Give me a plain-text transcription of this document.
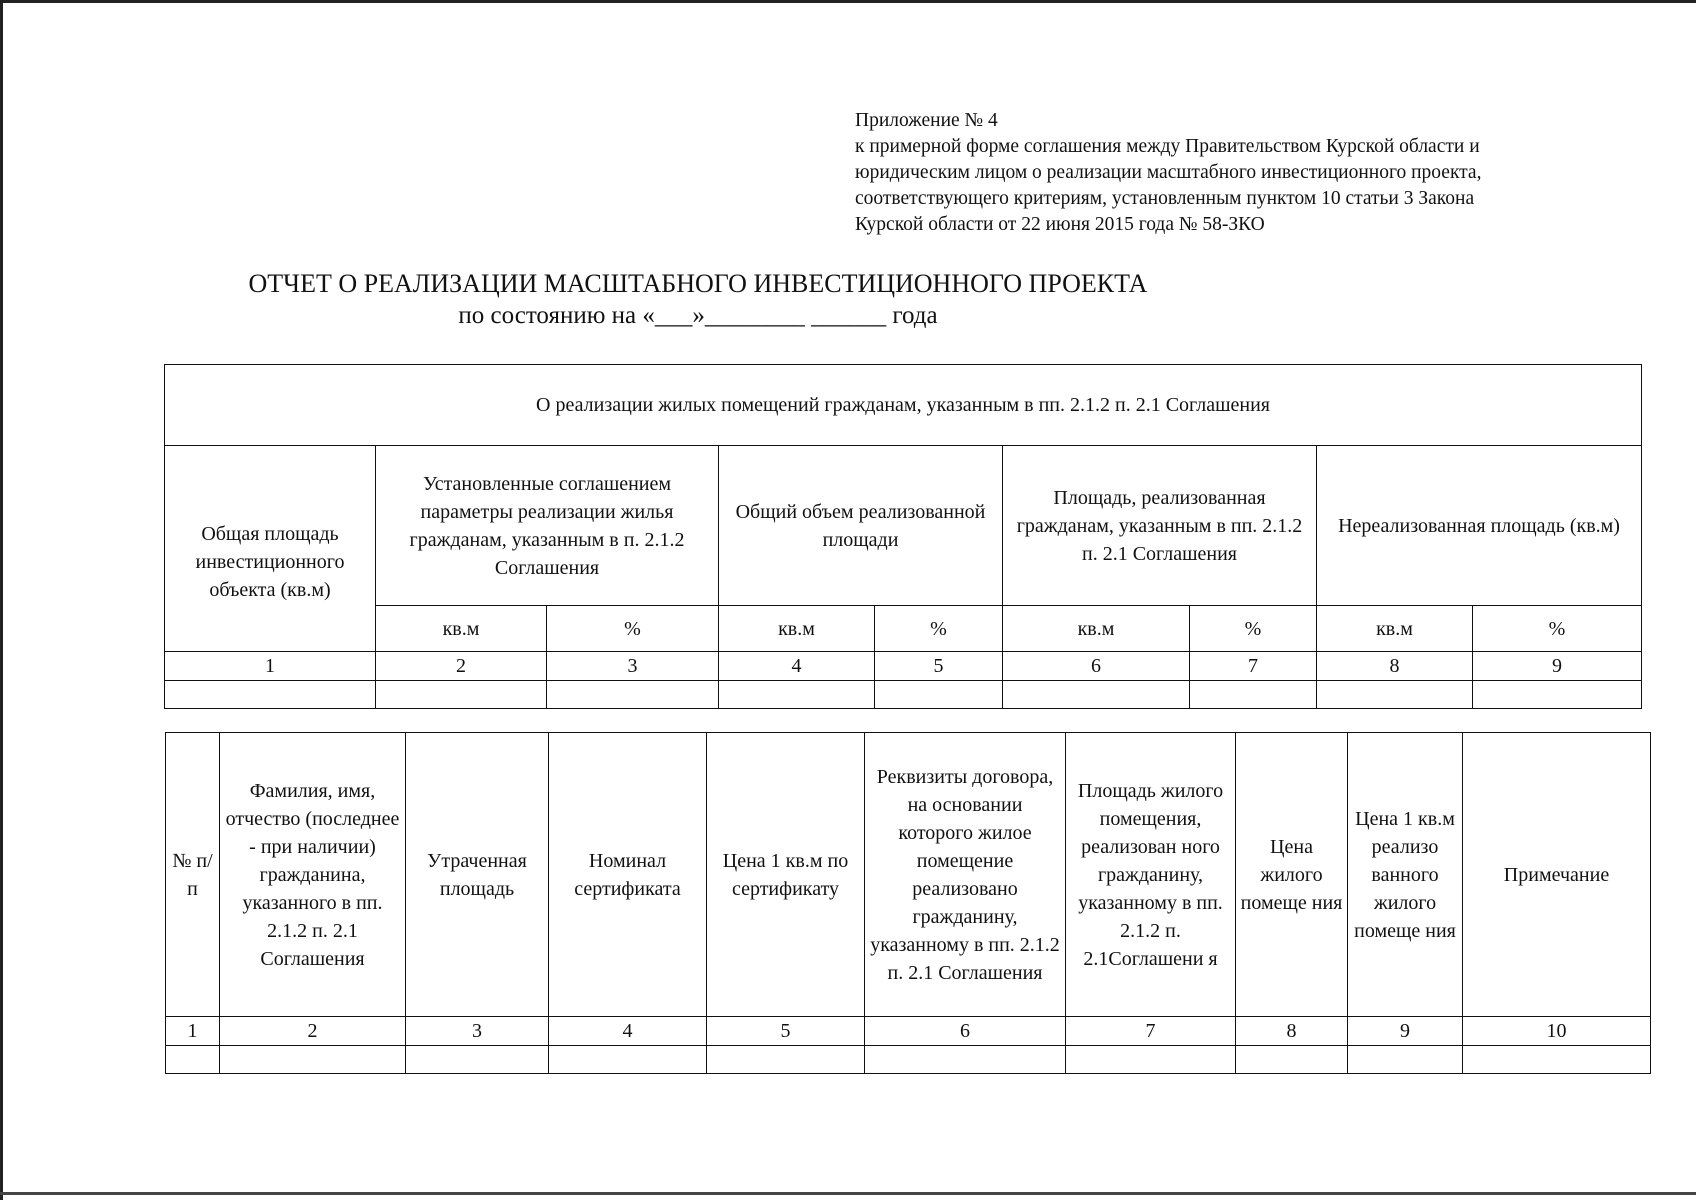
Приложение № 4
к примерной форме соглашения между Правительством Курской области и
юридическим лицом о реализации масштабного инвестиционного проекта,
соответствующего критериям, установленным пунктом 10 статьи 3 Закона
Курской области от 22 июня 2015 года № 58-ЗКО
ОТЧЕТ О РЕАЛИЗАЦИИ МАСШТАБНОГО ИНВЕСТИЦИОННОГО ПРОЕКТА
по состоянию на «___»________ ______ года
О реализации жилых помещений гражданам, указанным в пп. 2.1.2 п. 2.1 Соглашения								
Общая площадь инвестиционного объекта (кв.м)	Установленные соглашением параметры реализации жилья гражданам, указанным в п. 2.1.2 Соглашения		Общий объем реализованной площади		Площадь, реализованная гражданам, указанным в пп. 2.1.2 п. 2.1 Соглашения		Нереализованная площадь (кв.м)	
	кв.м	%	кв.м	%	кв.м	%	кв.м	%
1	2	3	4	5	6	7	8	9

№ п/п	Фамилия, имя, отчество (последнее - при наличии) гражданина, указанного в пп. 2.1.2 п. 2.1 Соглашения	Утраченная площадь	Номинал сертификата	Цена 1 кв.м по сертификату	Реквизиты договора, на основании которого жилое помещение реализовано гражданину, указанному в пп. 2.1.2 п. 2.1 Соглашения	Площадь жилого помещения, реализован ного гражданину, указанному в пп. 2.1.2 п. 2.1Соглашени я	Цена жилого помеще ния	Цена 1 кв.м реализо ванного жилого помеще ния	Примечание
1	2	3	4	5	6	7	8	9	10
